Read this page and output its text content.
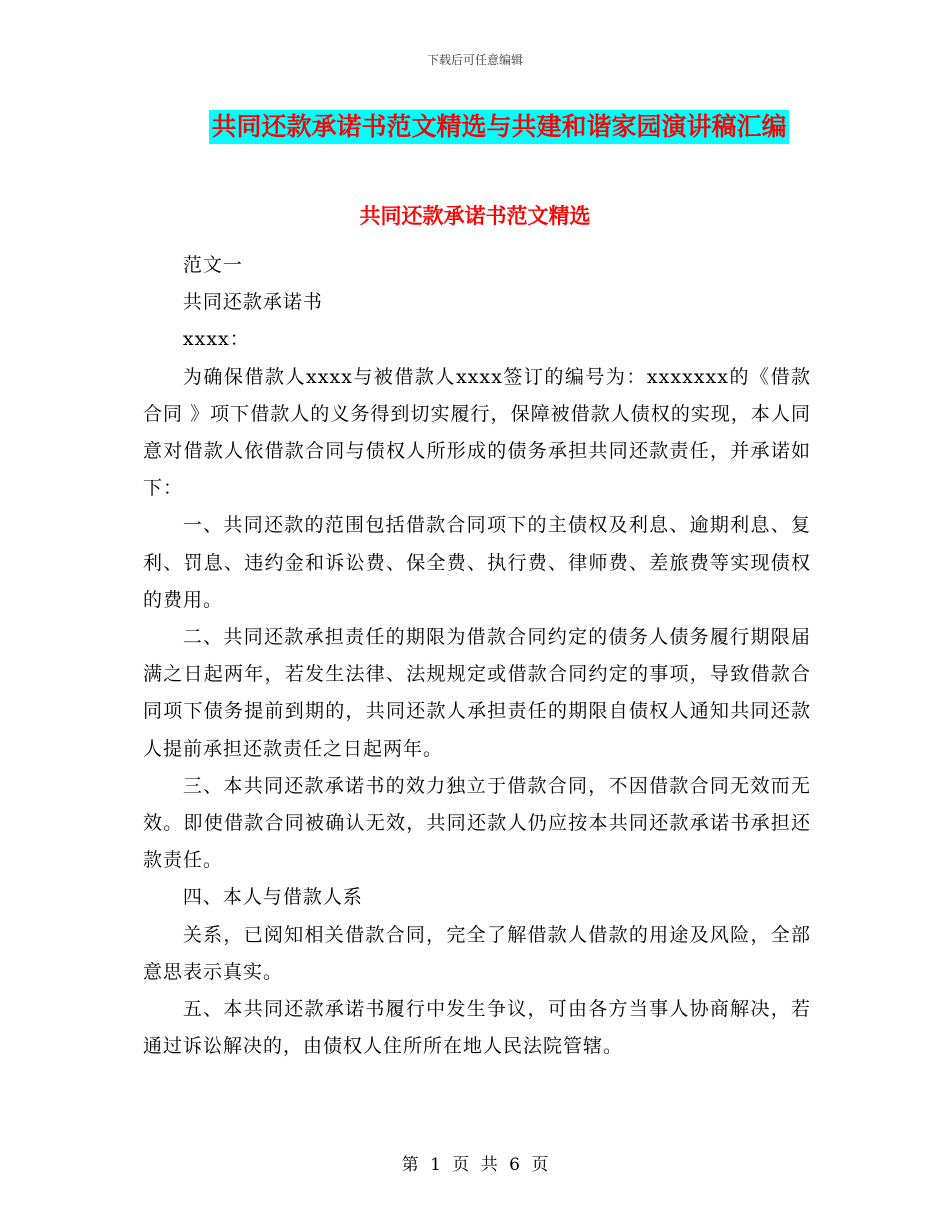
下载后可任意编辑
共同还款承诺书范文精选与共建和谐家园演讲稿汇编
共同还款承诺书范文精选

范文一

共同还款承诺书

xxxx：

为确保借款人xxxx与被借款人xxxx签订的编号为：xxxxxxx的《借款合同 》项下借款人的义务得到切实履行，保障被借款人债权的实现，本人同意对借款人依借款合同与债权人所形成的债务承担共同还款责任，并承诺如下：

一、共同还款的范围包括借款合同项下的主债权及利息、逾期利息、复利、罚息、违约金和诉讼费、保全费、执行费、律师费、差旅费等实现债权的费用。

二、共同还款承担责任的期限为借款合同约定的债务人债务履行期限届满之日起两年，若发生法律、法规规定或借款合同约定的事项，导致借款合同项下债务提前到期的，共同还款人承担责任的期限自债权人通知共同还款人提前承担还款责任之日起两年。

三、本共同还款承诺书的效力独立于借款合同，不因借款合同无效而无效。即使借款合同被确认无效，共同还款人仍应按本共同还款承诺书承担还款责任。

四、本人与借款人系

关系，已阅知相关借款合同，完全了解借款人借款的用途及风险，全部意思表示真实。

五、本共同还款承诺书履行中发生争议，可由各方当事人协商解决，若通过诉讼解决的，由债权人住所所在地人民法院管辖。

第 1 页 共 6 页
